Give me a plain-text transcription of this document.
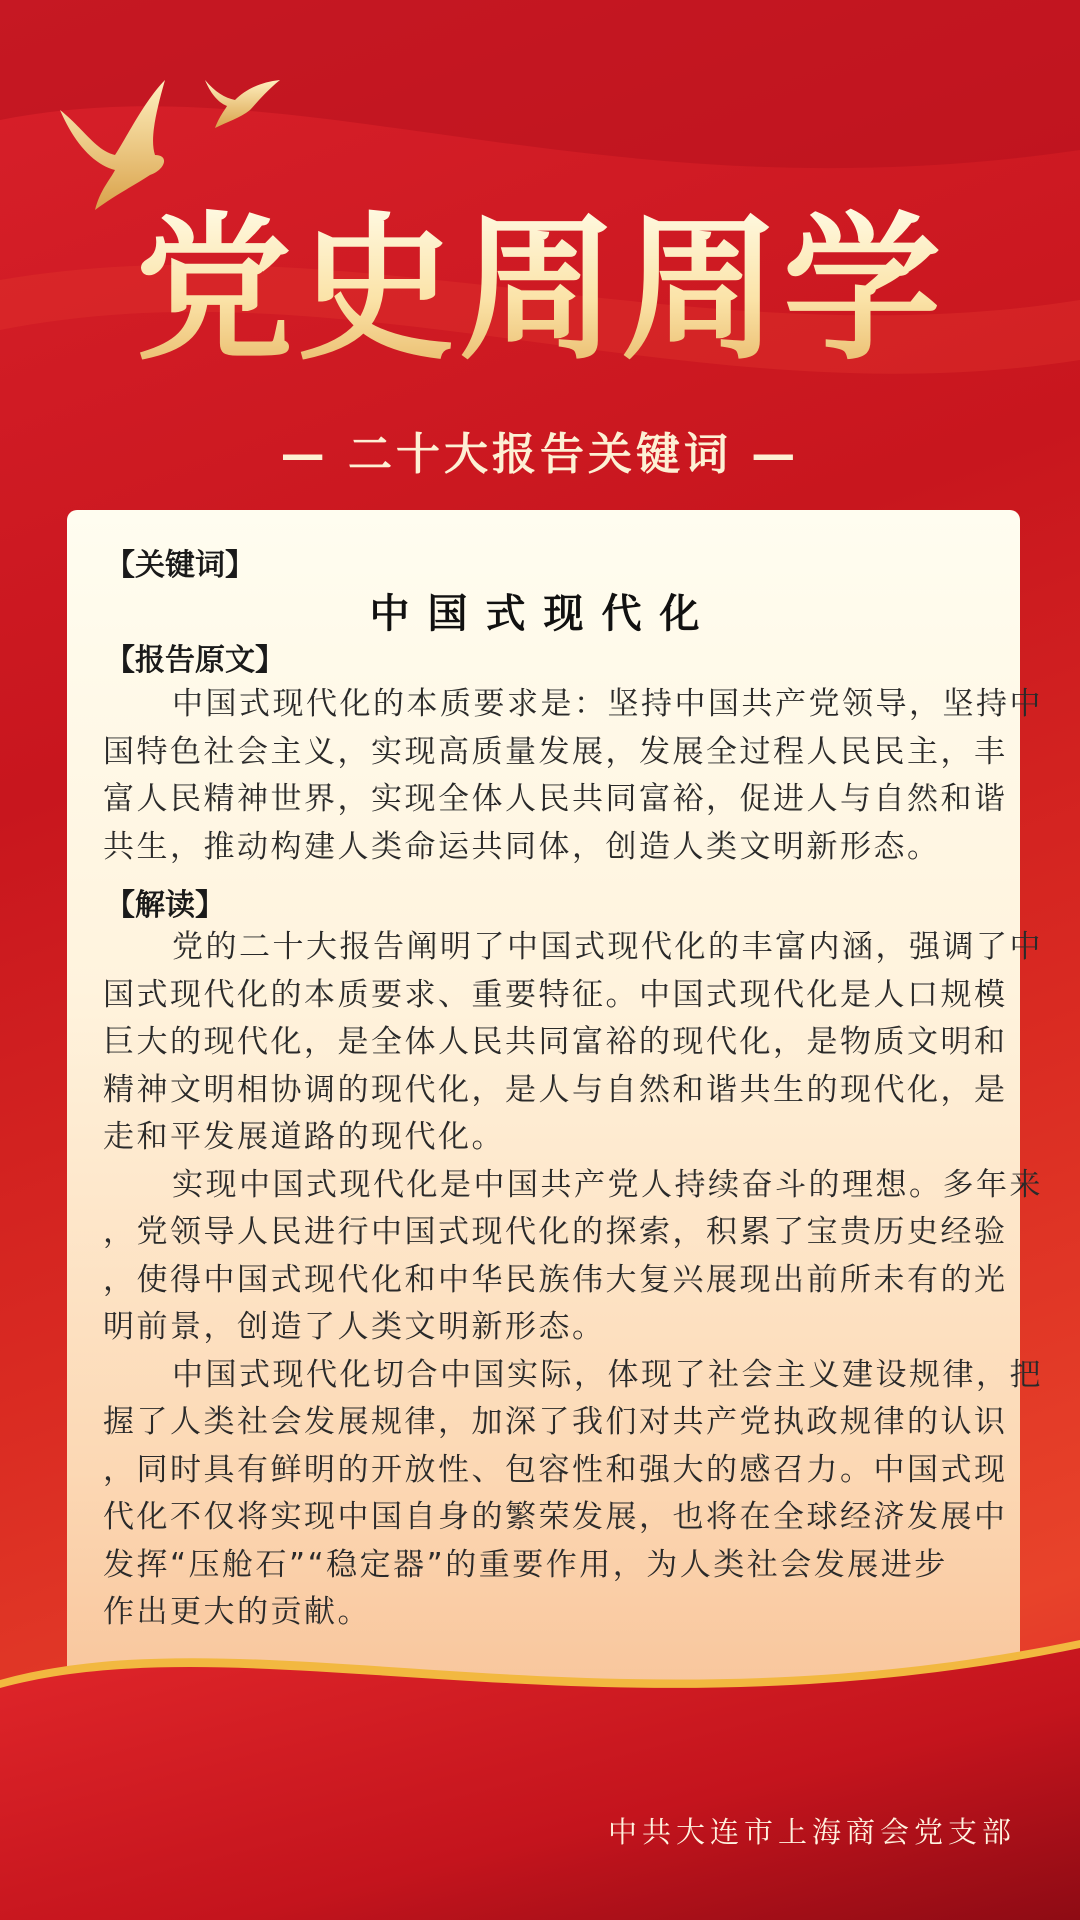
党史周周学
— 二十大报告关键词 —
【关键词】
中国式现代化
【报告原文】
中国式现代化的本质要求是：坚持中国共产党领导，坚持中
国特色社会主义，实现高质量发展，发展全过程人民民主，丰
富人民精神世界，实现全体人民共同富裕，促进人与自然和谐
共生，推动构建人类命运共同体，创造人类文明新形态。
【解读】
党的二十大报告阐明了中国式现代化的丰富内涵，强调了中
国式现代化的本质要求、重要特征。中国式现代化是人口规模
巨大的现代化，是全体人民共同富裕的现代化，是物质文明和
精神文明相协调的现代化，是人与自然和谐共生的现代化，是
走和平发展道路的现代化。
实现中国式现代化是中国共产党人持续奋斗的理想。多年来
，党领导人民进行中国式现代化的探索，积累了宝贵历史经验
，使得中国式现代化和中华民族伟大复兴展现出前所未有的光
明前景，创造了人类文明新形态。
中国式现代化切合中国实际，体现了社会主义建设规律，把
握了人类社会发展规律，加深了我们对共产党执政规律的认识
，同时具有鲜明的开放性、包容性和强大的感召力。中国式现
代化不仅将实现中国自身的繁荣发展，也将在全球经济发展中
发挥“压舱石”“稳定器”的重要作用，为人类社会发展进步
作出更大的贡献。
中共大连市上海商会党支部
